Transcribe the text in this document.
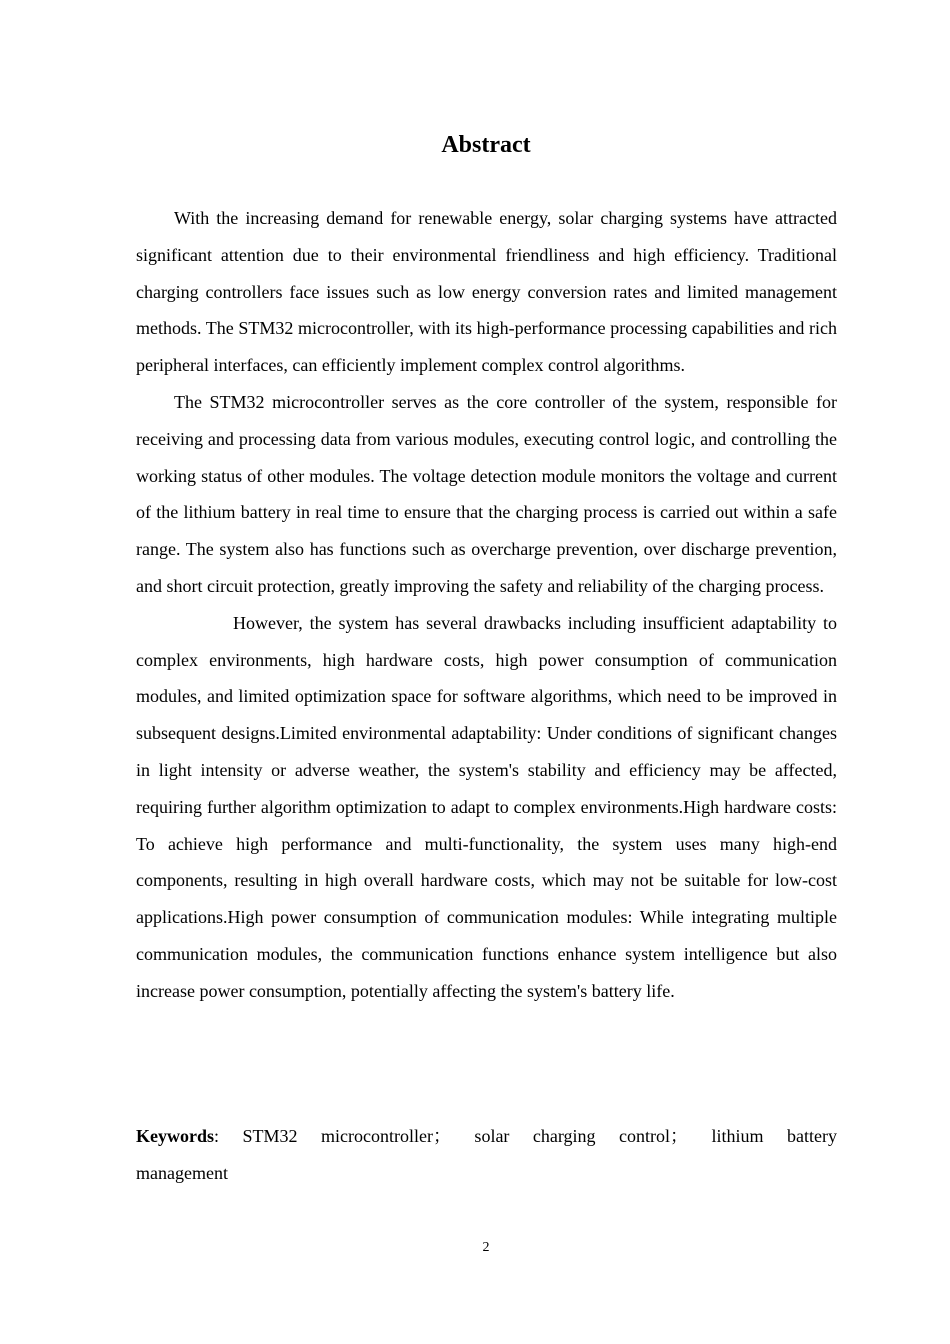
Abstract

With the increasing demand for renewable energy, solar charging systems have attracted significant attention due to their environmental friendliness and high efficiency. Traditional charging controllers face issues such as low energy conversion rates and limited management methods. The STM32 microcontroller, with its high-performance processing capabilities and rich peripheral interfaces, can efficiently implement complex control algorithms.

The STM32 microcontroller serves as the core controller of the system, responsible for receiving and processing data from various modules, executing control logic, and controlling the working status of other modules. The voltage detection module monitors the voltage and current of the lithium battery in real time to ensure that the charging process is carried out within a safe range. The system also has functions such as overcharge prevention, over discharge prevention, and short circuit protection, greatly improving the safety and reliability of the charging process.

However, the system has several drawbacks including insufficient adaptability to complex environments, high hardware costs, high power consumption of communication modules, and limited optimization space for software algorithms, which need to be improved in subsequent designs.Limited environmental adaptability: Under conditions of significant changes in light intensity or adverse weather, the system's stability and efficiency may be affected, requiring further algorithm optimization to adapt to complex environments.High hardware costs: To achieve high performance and multi-functionality, the system uses many high-end components, resulting in high overall hardware costs, which may not be suitable for low-cost applications.High power consumption of communication modules: While integrating multiple communication modules, the communication functions enhance system intelligence but also increase power consumption, potentially affecting the system's battery life.

Keywords: STM32 microcontroller； solar charging control； lithium battery management

2
